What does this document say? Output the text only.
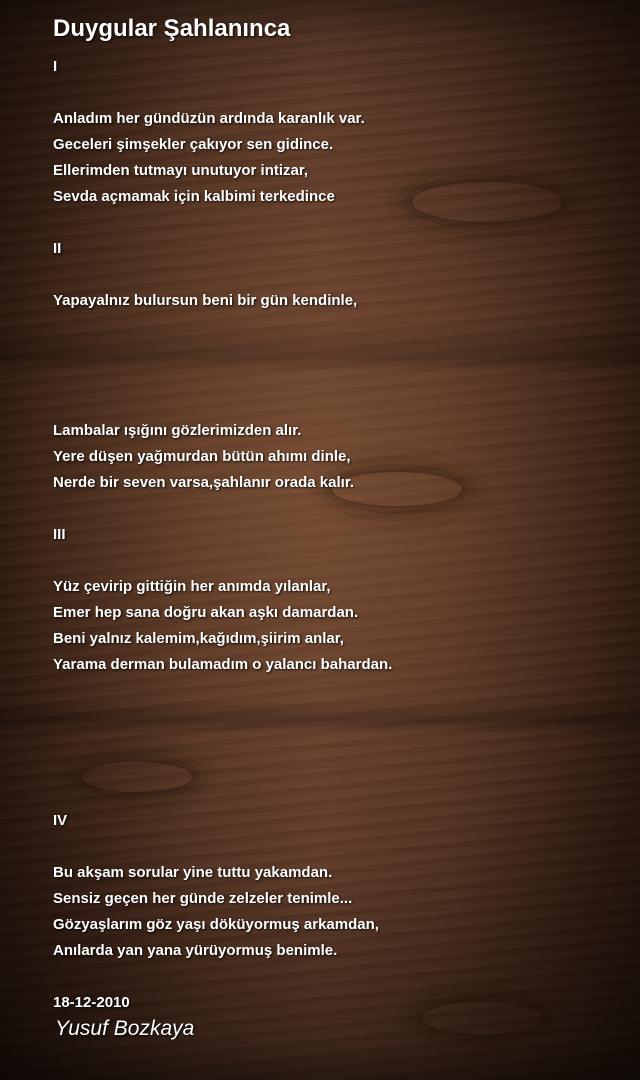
Duygular Şahlanınca
I
Anladım her gündüzün ardında karanlık var.
Geceleri şimşekler çakıyor sen gidince.
Ellerimden tutmayı unutuyor intizar,
Sevda açmamak için kalbimi terkedince
II
Yapayalnız bulursun beni bir gün kendinle,
Lambalar ışığını gözlerimizden alır.
Yere düşen yağmurdan bütün ahımı dinle,
Nerde bir seven varsa,şahlanır orada kalır.
III
Yüz çevirip gittiğin her anımda yılanlar,
Emer hep sana doğru akan aşkı damardan.
Beni yalnız kalemim,kağıdım,şiirim anlar,
Yarama derman bulamadım o yalancı bahardan.
IV
Bu akşam sorular yine tuttu yakamdan.
Sensiz geçen her günde zelzeler tenimle...
Gözyaşlarım göz yaşı döküyormuş arkamdan,
Anılarda yan yana yürüyormuş benimle.
18-12-2010
Yusuf Bozkaya
